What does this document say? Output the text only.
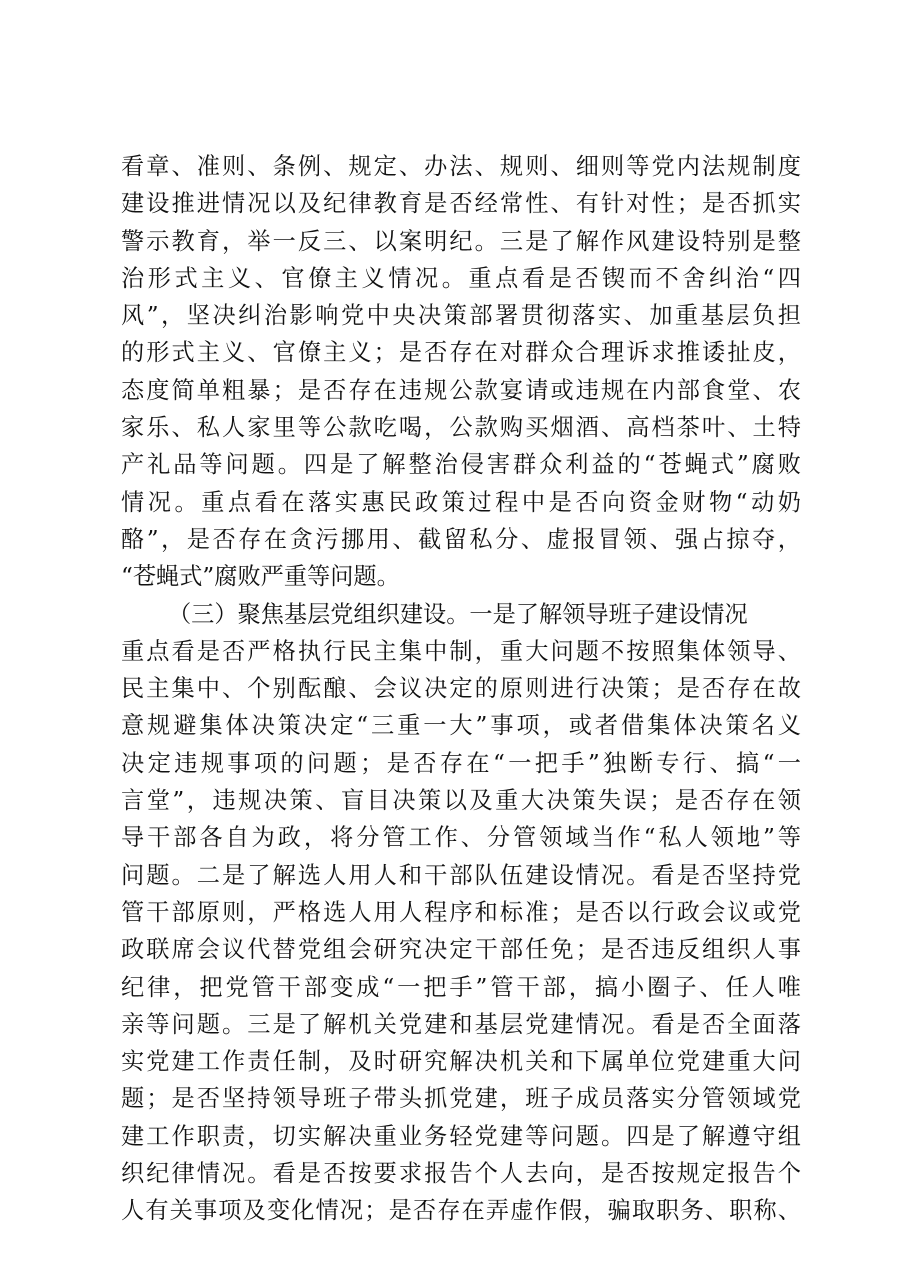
看章、准则、条例、规定、办法、规则、细则等党内法规制度
建设推进情况以及纪律教育是否经常性、有针对性；是否抓实
警示教育，举一反三、以案明纪。三是了解作风建设特别是整
治形式主义、官僚主义情况。重点看是否锲而不舍纠治“四
风”，坚决纠治影响党中央决策部署贯彻落实、加重基层负担
的形式主义、官僚主义；是否存在对群众合理诉求推诿扯皮，
态度简单粗暴；是否存在违规公款宴请或违规在内部食堂、农
家乐、私人家里等公款吃喝，公款购买烟酒、高档茶叶、土特
产礼品等问题。四是了解整治侵害群众利益的“苍蝇式”腐败
情况。重点看在落实惠民政策过程中是否向资金财物“动奶
酪”，是否存在贪污挪用、截留私分、虚报冒领、强占掠夺，
“苍蝇式”腐败严重等问题。
（三）聚焦基层党组织建设。一是了解领导班子建设情况
重点看是否严格执行民主集中制，重大问题不按照集体领导、
民主集中、个别酝酿、会议决定的原则进行决策；是否存在故
意规避集体决策决定“三重一大”事项，或者借集体决策名义
决定违规事项的问题；是否存在“一把手”独断专行、搞“一
言堂”，违规决策、盲目决策以及重大决策失误；是否存在领
导干部各自为政，将分管工作、分管领域当作“私人领地”等
问题。二是了解选人用人和干部队伍建设情况。看是否坚持党
管干部原则，严格选人用人程序和标准；是否以行政会议或党
政联席会议代替党组会研究决定干部任免；是否违反组织人事
纪律，把党管干部变成“一把手”管干部，搞小圈子、任人唯
亲等问题。三是了解机关党建和基层党建情况。看是否全面落
实党建工作责任制，及时研究解决机关和下属单位党建重大问
题；是否坚持领导班子带头抓党建，班子成员落实分管领域党
建工作职责，切实解决重业务轻党建等问题。四是了解遵守组
织纪律情况。看是否按要求报告个人去向，是否按规定报告个
人有关事项及变化情况；是否存在弄虚作假，骗取职务、职称、
